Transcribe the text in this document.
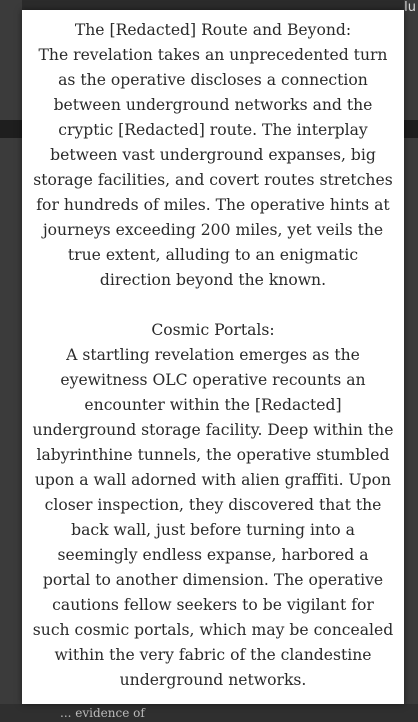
lu
... evidence of
The [Redacted] Route and Beyond:
The revelation takes an unprecedented turn as the operative discloses a connection between underground networks and the cryptic [Redacted] route. The interplay between vast underground expanses, big storage facilities, and covert routes stretches for hundreds of miles. The operative hints at journeys exceeding 200 miles, yet veils the true extent, alluding to an enigmatic direction beyond the known.
Cosmic Portals:
A startling revelation emerges as the eyewitness OLC operative recounts an encounter within the [Redacted] underground storage facility. Deep within the labyrinthine tunnels, the operative stumbled upon a wall adorned with alien graffiti. Upon closer inspection, they discovered that the back wall, just before turning into a seemingly endless expanse, harbored a portal to another dimension. The operative cautions fellow seekers to be vigilant for such cosmic portals, which may be concealed within the very fabric of the clandestine underground networks.
